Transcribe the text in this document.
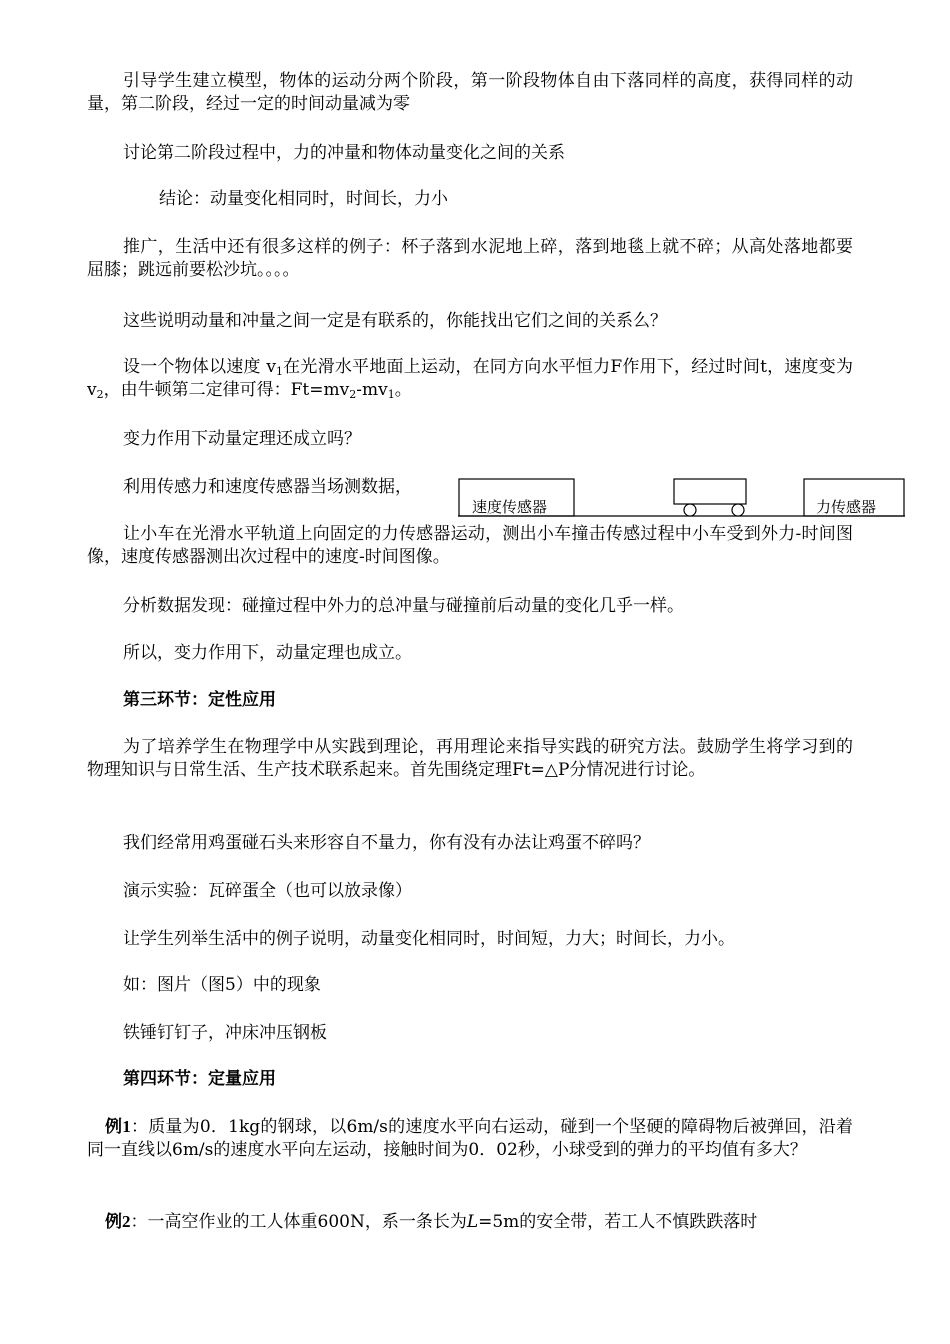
引导学生建立模型，物体的运动分两个阶段，第一阶段物体自由下落同样的高度，获得同样的动量，第二阶段，经过一定的时间动量减为零

讨论第二阶段过程中，力的冲量和物体动量变化之间的关系

结论：动量变化相同时，时间长，力小

推广，生活中还有很多这样的例子：杯子落到水泥地上碎，落到地毯上就不碎；从高处落地都要屈膝；跳远前要松沙坑。。。。

这些说明动量和冲量之间一定是有联系的，你能找出它们之间的关系么？

设一个物体以速度 $v_1$在光滑水平地面上运动，在同方向水平恒力F作用下，经过时间t，速度变为$v_2$，由牛顿第二定律可得：$Ft=mv_2-mv_1$。

变力作用下动量定理还成立吗？

利用传感力和速度传感器当场测数据，

让小车在光滑水平轨道上向固定的力传感器运动，测出小车撞击传感过程中小车受到外力-时间图像，速度传感器测出次过程中的速度-时间图像。

分析数据发现：碰撞过程中外力的总冲量与碰撞前后动量的变化几乎一样。

所以，变力作用下，动量定理也成立。

第三环节：定性应用

为了培养学生在物理学中从实践到理论，再用理论来指导实践的研究方法。鼓励学生将学习到的物理知识与日常生活、生产技术联系起来。首先围绕定理Ft=△P分情况进行讨论。

我们经常用鸡蛋碰石头来形容自不量力，你有没有办法让鸡蛋不碎吗？

演示实验：瓦碎蛋全（也可以放录像）

让学生列举生活中的例子说明，动量变化相同时，时间短，力大；时间长，力小。

如：图片（图5）中的现象

铁锤钉钉子，冲床冲压钢板

第四环节：定量应用

例1：质量为0．1kg的钢球，以6m/s的速度水平向右运动，碰到一个坚硬的障碍物后被弹回，沿着同一直线以6m/s的速度水平向左运动，接触时间为0．02秒，小球受到的弹力的平均值有多大？

例2：一高空作业的工人体重600N，系一条长为L=5m的安全带，若工人不慎跌跌落时

速度传感器	力传感器
